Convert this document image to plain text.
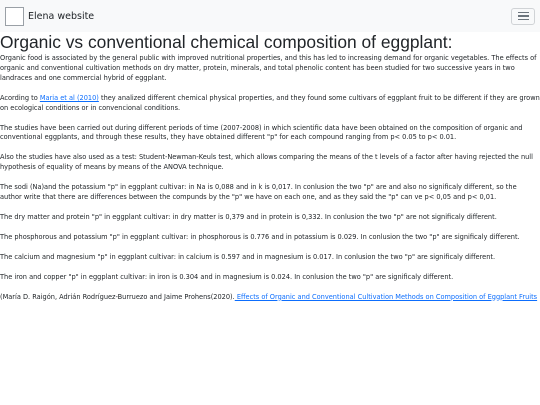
Elena website
Organic vs conventional chemical composition of eggplant:

Organic food is associated by the general public with improved nutritional properties, and this has led to increasing demand for organic vegetables. The effects of organic and conventional cultivation methods on dry matter, protein, minerals, and total phenolic content has been studied for two successive years in two landraces and one commercial hybrid of eggplant.

Acording to Maria et al (2010) they analized different chemical physical properties, and they found some cultivars of eggplant fruit to be different if they are grown on ecological conditions or in convencional conditions.

The studies have been carried out during different periods of time (2007-2008) in which scientific data have been obtained on the composition of organic and conventional eggplants, and through these results, they have obtained different "p" for each compound ranging from p< 0.05 to p< 0.01.

Also the studies have also used as a test: Student-Newman-Keuls test, which allows comparing the means of the t levels of a factor after having rejected the null hypothesis of equality of means by means of the ANOVA technique.

The sodi (Na)and the potassium "p" in eggplant cultivar: in Na is 0,088 and in k is 0,017. In conlusion the two "p" are and also no significaly different, so the author write that there are differences between the compunds by the "p" we have on each one, and as they said the "p" can ve p< 0,05 and p< 0,01.

The dry matter and protein "p" in eggplant cultivar: in dry matter is 0,379 and in protein is 0,332. In conlusion the two "p" are not significaly different.

The phosphorous and potassium "p" in eggplant cultivar: in phosphorous is 0.776 and in potassium is 0.029. In conlusion the two "p" are significaly different.

The calcium and magnesium "p" in eggplant cultivar: in calcium is 0.597 and in magnesium is 0.017. In conlusion the two "p" are significaly different.

The iron and copper "p" in eggplant cultivar: in iron is 0.304 and in magnesium is 0.024. In conlusion the two "p" are significaly different.

(María D. Raigón, Adrián Rodríguez-Burruezo and Jaime Prohens(2020). Effects of Organic and Conventional Cultivation Methods on Composition of Eggplant Fruits
